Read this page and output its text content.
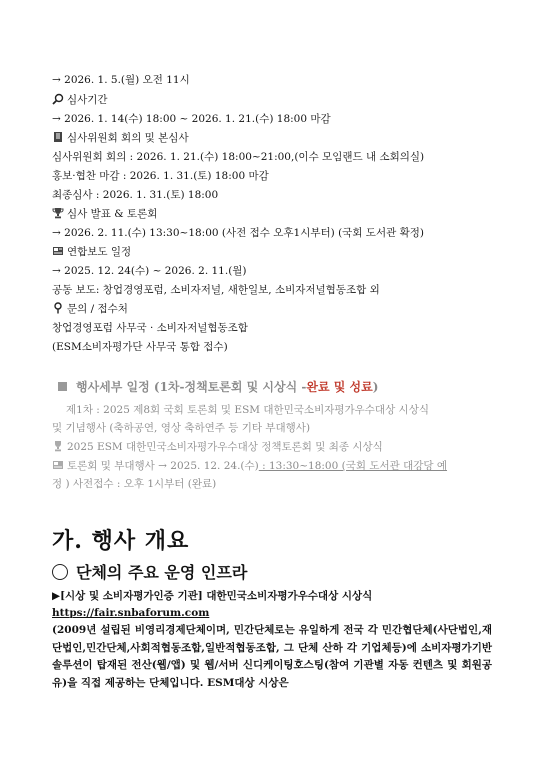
→ 2026. 1. 5.(월) 오전 11시
심사기간
→ 2026. 1. 14(수) 18:00 ~ 2026. 1. 21.(수) 18:00 마감
심사위원회 회의 및 본심사
심사위원회 회의 : 2026. 1. 21.(수) 18:00~21:00,(이수 모임랜드 내 소회의실)
홍보·협찬 마감 : 2026. 1. 31.(토) 18:00 마감
최종심사 : 2026. 1. 31.(토) 18:00
심사 발표 & 토론회
→ 2026. 2. 11.(수) 13:30~18:00 (사전 접수 오후1시부터) (국회 도서관 확정)
연합보도 일정
→ 2025. 12. 24(수) ~ 2026. 2. 11.(월)
공동 보도: 창업경영포럼, 소비자저널, 새한일보, 소비자저널협동조합 외
문의 / 접수처
창업경영포럼 사무국 · 소비자저널협동조합
(ESM소비자평가단 사무국 통합 접수)
행사세부 일정 (1차-정책토론회 및 시상식 -완료 및 성료)
제1차 : 2025 제8회 국회 토론회 및 ESM 대한민국소비자평가우수대상 시상식
및 기념행사 (축하공연, 영상 축하연주 등 기타 부대행사)
2025 ESM 대한민국소비자평가우수대상 정책토론회 및 최종 시상식
토론회 및 부대행사 → 2025. 12. 24.(수) : 13:30~18:00 (국회 도서관 대강당 예
정 ) 사전접수 : 오후 1시부터 (완료)
가. 행사 개요
단체의 주요 운영 인프라
▶[시상 및 소비자평가인증 기관] 대한민국소비자평가우수대상 시상식
https://fair.snbaforum.com
(2009년 설립된 비영리경제단체이며, 민간단체로는 유일하게 전국 각 민간협단체(사단법인,재단법인,민간단체,사회적협동조합,일반적협동조합, 그 단체 산하 각 기업체등)에 소비자평가기반 솔루션이 탑재된 전산(웹/앱) 및 웹/서버 신디케이팅호스팅(참여 기관별 자동 컨텐츠 및 회원공유)을 직접 제공하는 단체입니다. ESM대상 시상은
